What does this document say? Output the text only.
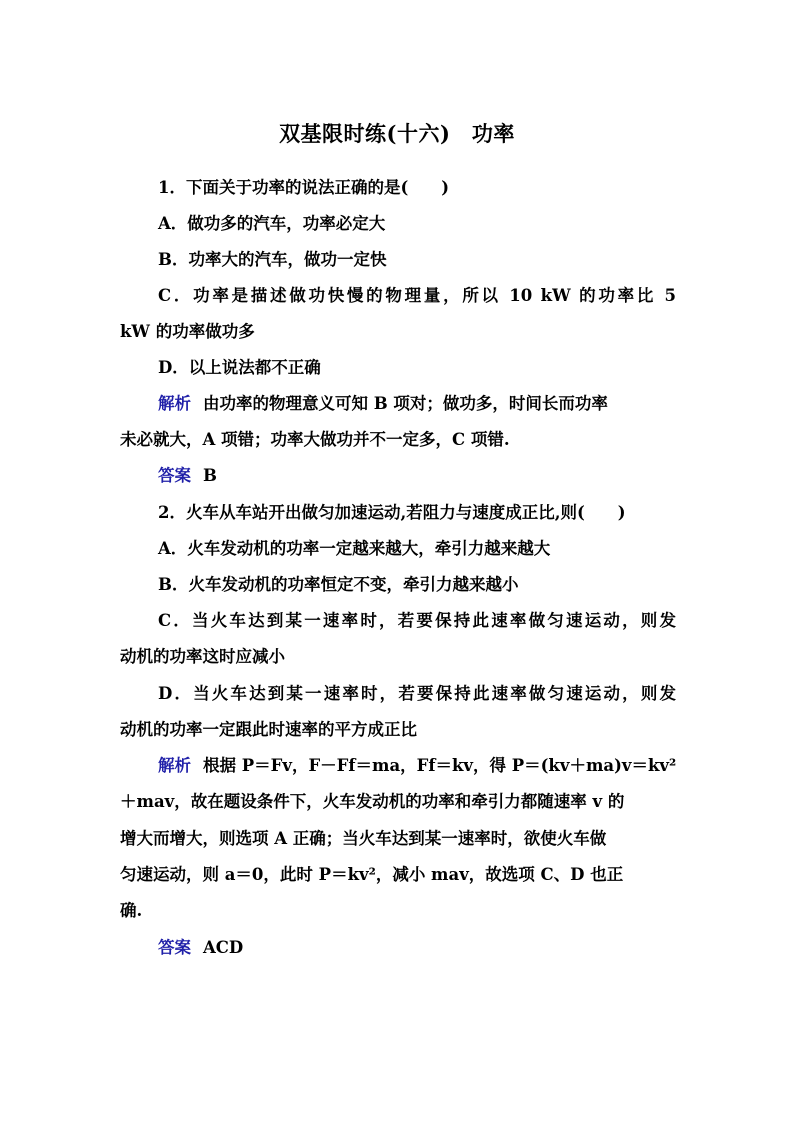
双基限时练(十六)　功率
1．下面关于功率的说法正确的是(　　)
A．做功多的汽车，功率必定大
B．功率大的汽车，做功一定快
C．功率是描述做功快慢的物理量，所以 10 kW 的功率比 5
kW 的功率做功多
D．以上说法都不正确
解析 由功率的物理意义可知 B 项对；做功多，时间长而功率
未必就大，A 项错；功率大做功并不一定多，C 项错.
答案 B
2．火车从车站开出做匀加速运动,若阻力与速度成正比,则(　　)
A．火车发动机的功率一定越来越大，牵引力越来越大
B．火车发动机的功率恒定不变，牵引力越来越小
C．当火车达到某一速率时，若要保持此速率做匀速运动，则发
动机的功率这时应减小
D．当火车达到某一速率时，若要保持此速率做匀速运动，则发
动机的功率一定跟此时速率的平方成正比
解析 根据 P＝Fv，F－Ff＝ma，Ff＝kv，得 P＝(kv＋ma)v＝kv²
＋mav，故在题设条件下，火车发动机的功率和牵引力都随速率 v 的
增大而增大，则选项 A 正确；当火车达到某一速率时，欲使火车做
匀速运动，则 a＝0，此时 P＝kv²，减小 mav，故选项 C、D 也正
确.
答案 ACD
